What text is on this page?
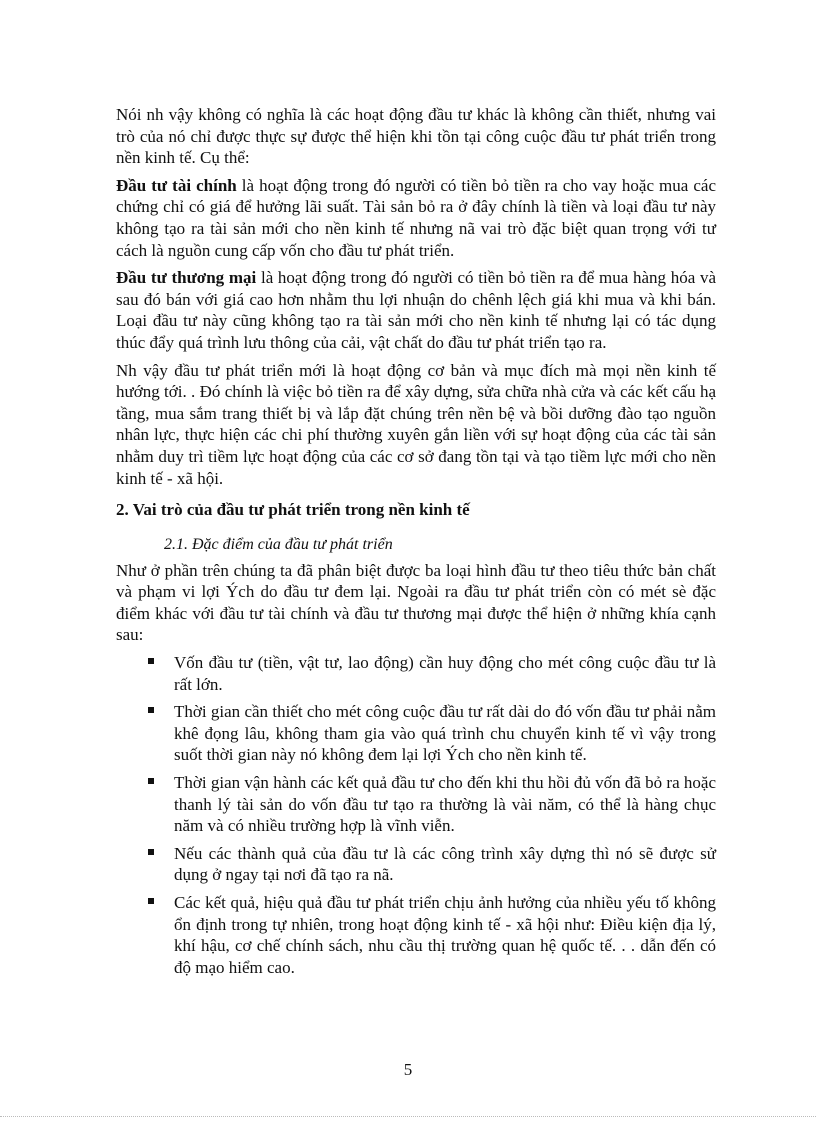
Nói nh vậy không có nghĩa là các hoạt động đầu tư khác là không cần thiết, nhưng vai trò của nó chỉ được thực sự được thể hiện khi tồn tại công cuộc đầu tư phát triển trong nền kinh tế. Cụ thể:

Đầu tư tài chính là hoạt động trong đó người có tiền bỏ tiền ra cho vay hoặc mua các chứng chỉ có giá để hưởng lãi suất. Tài sản bỏ ra ở đây chính là tiền và loại đầu tư này không tạo ra tài sản mới cho nền kinh tế nhưng nã vai trò đặc biệt quan trọng với tư cách là nguồn cung cấp vốn cho đầu tư phát triển.

Đầu tư thương mại là hoạt động trong đó người có tiền bỏ tiền ra để mua hàng hóa và sau đó bán với giá cao hơn nhằm thu lợi nhuận do chênh lệch giá khi mua và khi bán. Loại đầu tư này cũng không tạo ra tài sản mới cho nền kinh tế nhưng lại có tác dụng thúc đẩy quá trình lưu thông của cải, vật chất do đầu tư phát triển tạo ra.

Nh vậy đầu tư phát triển mới là hoạt động cơ bản và mục đích mà mọi nền kinh tế hướng tới. . Đó chính là việc bỏ tiền ra để xây dựng, sửa chữa nhà cửa và các kết cấu hạ tầng, mua sắm trang thiết bị và lắp đặt chúng trên nền bệ và bồi dưỡng đào tạo nguồn nhân lực, thực hiện các chi phí thường xuyên gắn liền với sự hoạt động của các tài sản nhằm duy trì tiềm lực hoạt động của các cơ sở đang tồn tại và tạo tiềm lực mới cho nền kinh tế - xã hội.

2. Vai trò của đầu tư phát triển trong nền kinh tế
2.1. Đặc điểm của đầu tư phát triển

Như ở phần trên chúng ta đã phân biệt được ba loại hình đầu tư theo tiêu thức bản chất và phạm vi lợi Ých do đầu tư đem lại. Ngoài ra đầu tư phát triển còn có mét sè đặc điểm khác với đầu tư tài chính và đầu tư thương mại được thể hiện ở những khía cạnh sau:

Vốn đầu tư (tiền, vật tư, lao động) cần huy động cho mét công cuộc đầu tư là rất lớn.
Thời gian cần thiết cho mét công cuộc đầu tư rất dài do đó vốn đầu tư phải nằm khê đọng lâu, không tham gia vào quá trình chu chuyển kinh tế vì vậy trong suốt thời gian này nó không đem lại lợi Ých cho nền kinh tế.
Thời gian vận hành các kết quả đầu tư cho đến khi thu hồi đủ vốn đã bỏ ra hoặc thanh lý tài sản do vốn đầu tư tạo ra thường là vài năm, có thể là hàng chục năm và có nhiều trường hợp là vĩnh viễn.
Nếu các thành quả của đầu tư là các công trình xây dựng thì nó sẽ được sử dụng ở ngay tại nơi đã tạo ra nã.
Các kết quả, hiệu quả đầu tư phát triển chịu ảnh hưởng của nhiều yếu tố không ổn định trong tự nhiên, trong hoạt động kinh tế - xã hội như: Điều kiện địa lý, khí hậu, cơ chế chính sách, nhu cầu thị trường quan hệ quốc tế. . . dẫn đến có độ mạo hiểm cao.
5
